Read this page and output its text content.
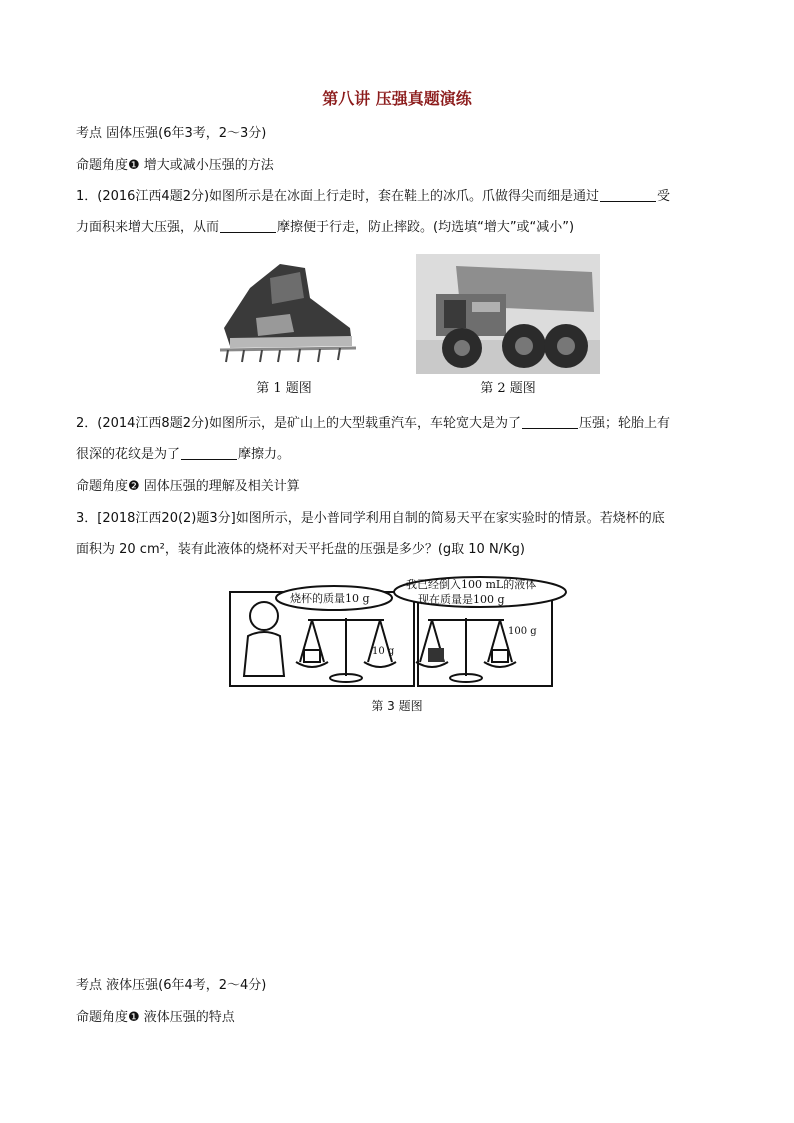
第八讲 压强真题演练
考点 固体压强(6年3考，2～3分)
命题角度❶ 增大或减小压强的方法
1．(2016江西4题2分)如图所示是在冰面上行走时，套在鞋上的冰爪。爪做得尖而细是通过	受
力面积来增大压强，从而	摩擦便于行走，防止摔跤。(均选填“增大”或“减小”)
第 1 题图	第 2 题图
2．(2014江西8题2分)如图所示，是矿山上的大型载重汽车，车轮宽大是为了	压强；轮胎上有
很深的花纹是为了	摩擦力。
命题角度❷ 固体压强的理解及相关计算
3．[2018江西20(2)题3分]如图所示，是小普同学利用自制的简易天平在家实验时的情景。若烧杯的底
面积为 20 cm²，装有此液体的烧杯对天平托盘的压强是多少？(g取 10 N/Kg)
烧杯的质量10 g
我已经倒入100 mL的液体
现在质量是100 g
10 g
100 g
第 3 题图
考点 液体压强(6年4考，2～4分)
命题角度❶ 液体压强的特点
